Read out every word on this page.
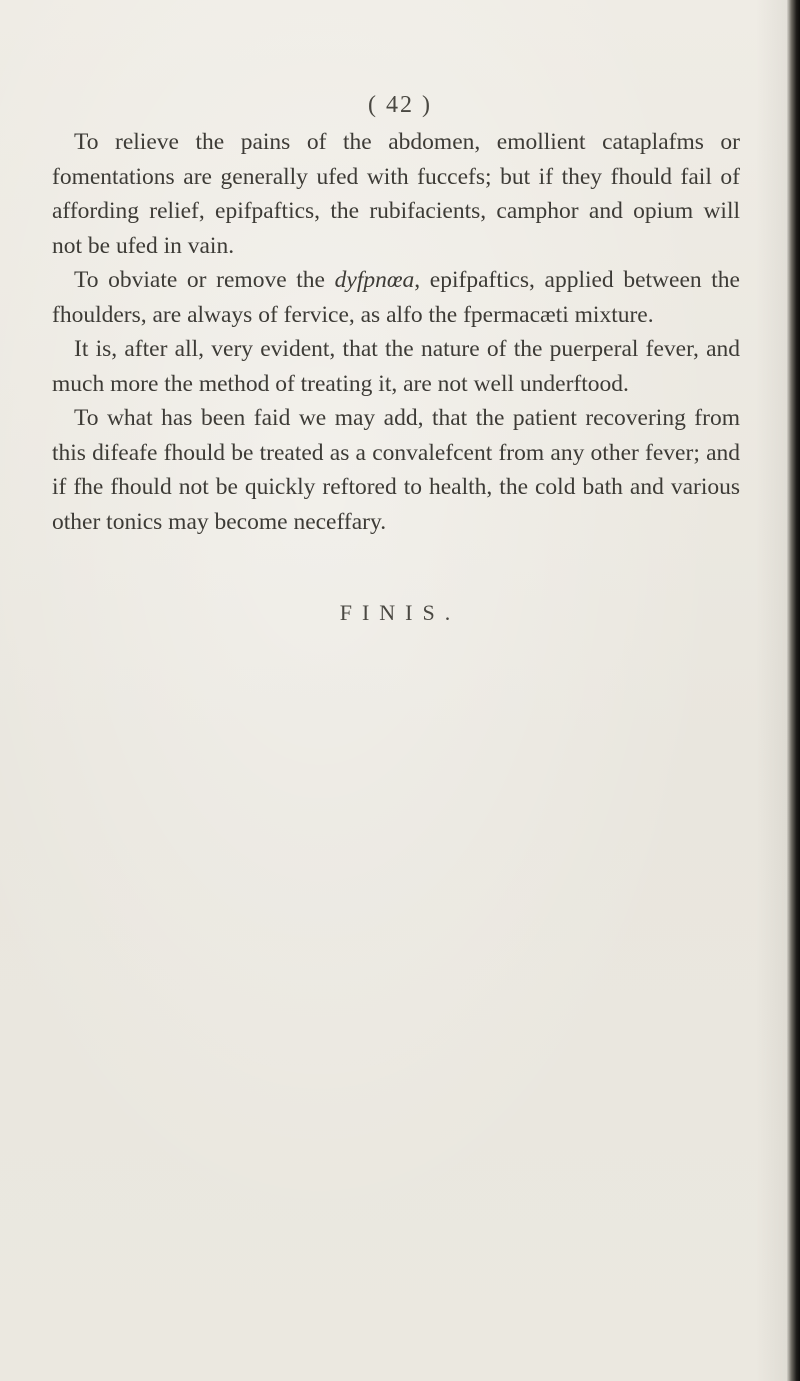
( 42 )

To relieve the pains of the abdomen, emollient cataplafms or fomentations are generally ufed with fuccefs; but if they fhould fail of affording relief, epifpaftics, the rubifacients, camphor and opium will not be ufed in vain.

To obviate or remove the dyfpnœa, epifpaftics, applied between the fhoulders, are always of fervice, as alfo the fpermacæti mixture.

It is, after all, very evident, that the nature of the puerperal fever, and much more the method of treating it, are not well underftood.

To what has been faid we may add, that the patient recovering from this difeafe fhould be treated as a convalefcent from any other fever; and if fhe fhould not be quickly reftored to health, the cold bath and various other tonics may become neceffary.

FINIS.
